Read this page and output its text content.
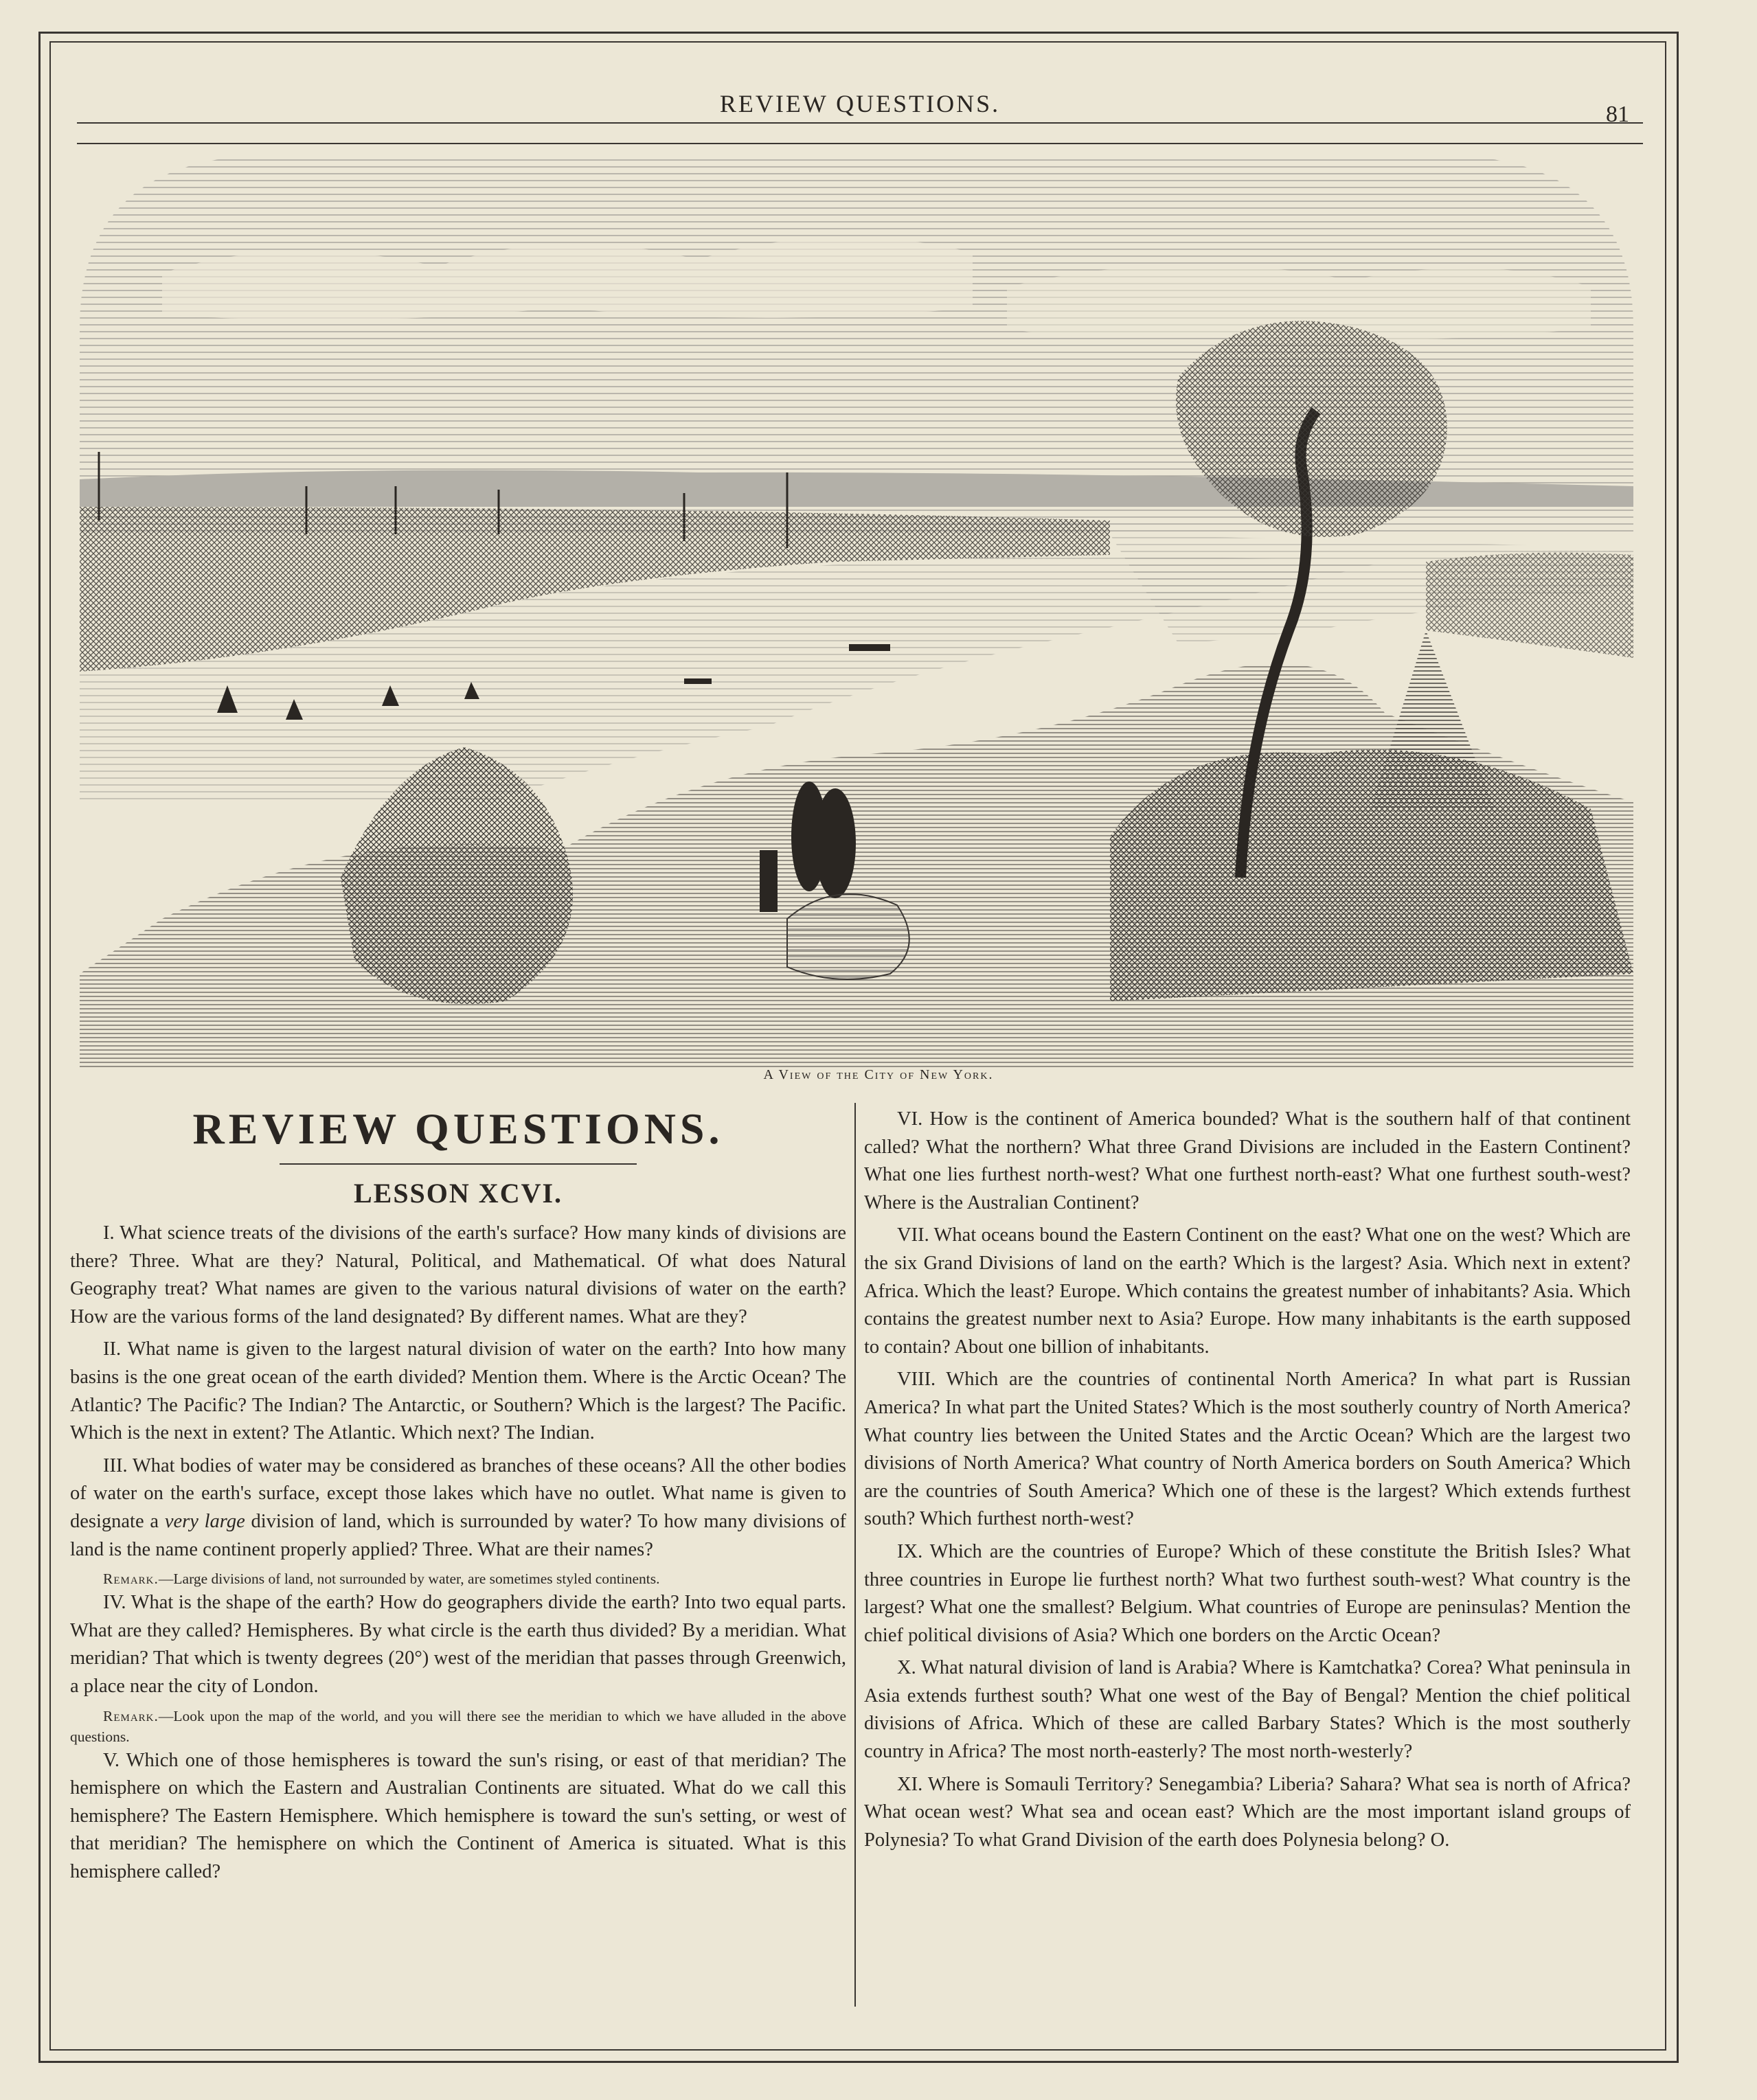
REVIEW QUESTIONS.	81
A View of the City of New York.
REVIEW QUESTIONS.
LESSON XCVI.

I. What science treats of the divisions of the earth's surface? How many kinds of divisions are there? Three. What are they? Natural, Political, and Mathematical. Of what does Natural Geography treat? What names are given to the various natural divisions of water on the earth? How are the various forms of the land designated? By different names. What are they?

II. What name is given to the largest natural division of water on the earth? Into how many basins is the one great ocean of the earth divided? Mention them. Where is the Arctic Ocean? The Atlantic? The Pacific? The Indian? The Antarctic, or Southern? Which is the largest? The Pacific. Which is the next in extent? The Atlantic. Which next? The Indian.

III. What bodies of water may be considered as branches of these oceans? All the other bodies of water on the earth's surface, except those lakes which have no outlet. What name is given to designate a very large division of land, which is surrounded by water? To how many divisions of land is the name continent properly applied? Three. What are their names?

Remark.—Large divisions of land, not surrounded by water, are sometimes styled continents.

IV. What is the shape of the earth? How do geographers divide the earth? Into two equal parts. What are they called? Hemispheres. By what circle is the earth thus divided? By a meridian. What meridian? That which is twenty degrees (20°) west of the meridian that passes through Greenwich, a place near the city of London.

Remark.—Look upon the map of the world, and you will there see the meridian to which we have alluded in the above questions.

V. Which one of those hemispheres is toward the sun's rising, or east of that meridian? The hemisphere on which the Eastern and Australian Continents are situated. What do we call this hemisphere? The Eastern Hemisphere. Which hemisphere is toward the sun's setting, or west of that meridian? The hemisphere on which the Continent of America is situated. What is this hemisphere called?

VI. How is the continent of America bounded? What is the southern half of that continent called? What the northern? What three Grand Divisions are included in the Eastern Continent? What one lies furthest north-west? What one furthest north-east? What one furthest south-west? Where is the Australian Continent?

VII. What oceans bound the Eastern Continent on the east? What one on the west? Which are the six Grand Divisions of land on the earth? Which is the largest? Asia. Which next in extent? Africa. Which the least? Europe. Which contains the greatest number of inhabitants? Asia. Which contains the greatest number next to Asia? Europe. How many inhabitants is the earth supposed to contain? About one billion of inhabitants.

VIII. Which are the countries of continental North America? In what part is Russian America? In what part the United States? Which is the most southerly country of North America? What country lies between the United States and the Arctic Ocean? Which are the largest two divisions of North America? What country of North America borders on South America? Which are the countries of South America? Which one of these is the largest? Which extends furthest south? Which furthest north-west?

IX. Which are the countries of Europe? Which of these constitute the British Isles? What three countries in Europe lie furthest north? What two furthest south-west? What country is the largest? What one the smallest? Belgium. What countries of Europe are peninsulas? Mention the chief political divisions of Asia? Which one borders on the Arctic Ocean?

X. What natural division of land is Arabia? Where is Kamtchatka? Corea? What peninsula in Asia extends furthest south? What one west of the Bay of Bengal? Mention the chief political divisions of Africa. Which of these are called Barbary States? Which is the most southerly country in Africa? The most north-easterly? The most north-westerly?

XI. Where is Somauli Territory? Senegambia? Liberia? Sahara? What sea is north of Africa? What ocean west? What sea and ocean east? Which are the most important island groups of Polynesia? To what Grand Division of the earth does Polynesia belong? O.
